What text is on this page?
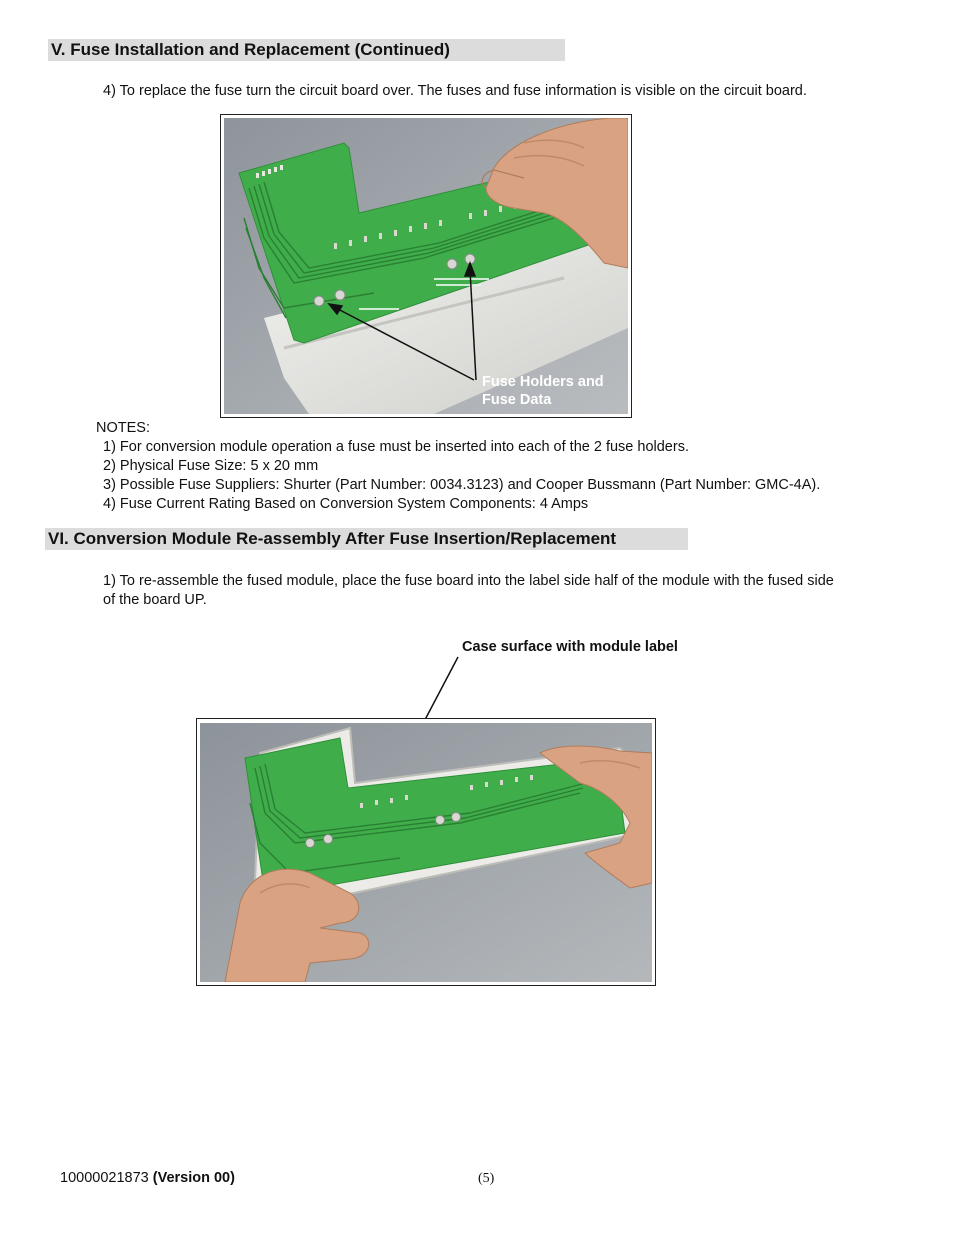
V. Fuse Installation and Replacement (Continued)
4) To replace the fuse turn the circuit board over. The fuses and fuse information is visible on the circuit board.
Fuse Holders and
Fuse Data
NOTES:
1) For conversion module operation a fuse must be inserted into each of the 2 fuse holders.
2) Physical Fuse Size: 5 x 20 mm
3) Possible Fuse Suppliers: Shurter (Part Number: 0034.3123) and Cooper Bussmann (Part Number: GMC-4A).
4) Fuse Current Rating Based on Conversion System Components: 4 Amps
VI. Conversion Module Re-assembly After Fuse Insertion/Replacement
1) To re-assemble the fused module, place the fuse board into the label side half of the module with the fused side
of the board UP.
Case surface with module label
10000021873 (Version 00)	(5)
